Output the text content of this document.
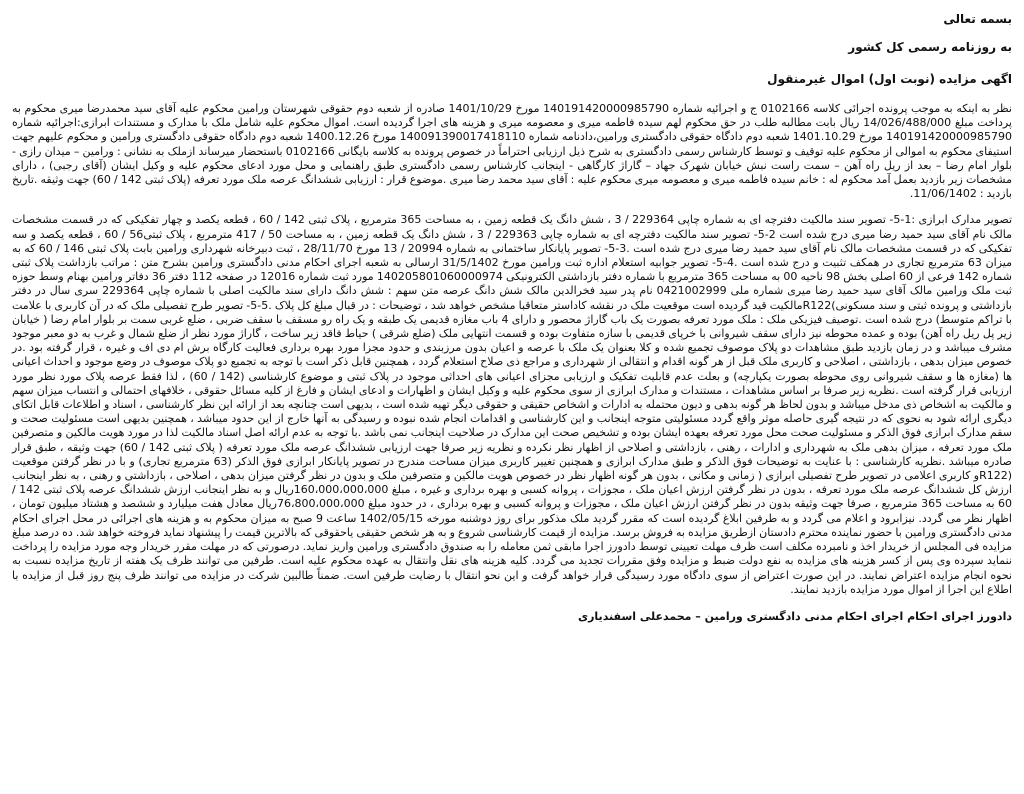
بسمه تعالی
به روزنامه رسمی کل کشور
اگهی مزایده (نوبت اول) اموال غیرمنقول

نظر به اینکه به موجب پرونده اجرائی کلاسه 0102166 ج و اجرائیه شماره 140191420000985790 مورخ 1401/10/29 صادره از شعبه دوم حقوقی شهرستان ورامین محکوم علیه آقای سید محمدرضا میری محکوم به پرداخت مبلغ 14/026/488/000 ریال بابت مطالبه طلب در حق محکوم لهم سیده فاطمه میری و معصومه میری و هزینه های اجرا گردیده است. اموال محکوم علیه شامل ملک با مدارک و مستندات ابرازی:اجرائیه شماره 140191420000985790 مورخ 1401.10.29 شعبه دوم دادگاه حقوقی دادگستری ورامین،دادنامه شماره 140091390017418110 مورخ 1400.12.26 شعبه دوم دادگاه حقوقی دادگستری ورامین و محکوم علیهم جهت استیفای محکوم به اموالی از محکوم علیه توقیف و توسط کارشناس رسمی دادگستری به شرح ذیل ارزیابی احتراماً در خصوص پرونده به کلاسه بایگانی 0102166 باستحضار میرساند ازملک به نشانی : ورامین – میدان رازی - بلوار امام رضا – بعد از ریل راه آهن – سمت راست نبش خیابان شهرک جهاد – گاراژ کارگاهی - اینجانب کارشناس رسمی دادگستری طبق راهنمایی و محل مورد ادعای محکوم علیه و وکیل ایشان (آقای رجبی) ، دارای مشخصات زیر بازدید بعمل آمد محکوم له : خانم سیده فاطمه میری و معصومه میری محکوم علیه : آقای سید محمد رضا میری .موضوع قرار : ارزیابی ششدانگ عرصه ملک مورد تعرفه (پلاک ثبتی 142 / 60) جهت وثیقه .تاریخ بازدید : 11/06/1402.

تصویر مدارک ابرازی :1-5- تصویر سند مالکیت دفترچه ای به شماره چاپی 229364 / 3 ، شش دانگ یک قطعه زمین ، به مساحت 365 مترمربع ، پلاک ثبتی 142 / 60 ، قطعه یکصد و چهار تفکیکی که در قسمت مشخصات مالک نام آقای سید حمید رضا میری درج شده است 2-5- تصویر سند مالکیت دفترچه ای به شماره چاپی 229363 / 3 ، شش دانگ یک قطعه زمین ، به مساحت 50 / 417 مترمربع ، پلاک ثبتی56 / 60 ، قطعه یکصد و سه تفکیکی که در قسمت مشخصات مالک نام آقای سید حمید رضا میری درج شده است .3-5- تصویر پایانکار ساختمانی به شماره 20994 / 13 مورخ 28/11/70 ، ثبت دبیرخانه شهرداری ورامین بابت پلاک ثبتی 146 / 60 که به میزان 63 مترمربع تجاری در همکف تثبیت و درج شده است .4-5- تصویر جوابیه استعلام اداره ثبت ورامین مورخ 31/5/1402 ارسالی به شعبه اجرای احکام مدنی دادگستری ورامین بشرح متن : مراتب بازداشت پلاک ثبتی شماره 142 فرعی از 60 اصلی بخش 98 ناحیه 00 به مساحت 365 مترمربع با شماره دفتر بازداشتی الکترونیکی 140205801060000974 مورد ثبت شماره 12016 در صفحه 112 دفتر 36 دفاتر ورامین بهنام وسط حوزه ثبت ملک ورامین مالک آقای سید حمید رضا میری شماره ملی 0421002999 نام پدر سید فخرالدین مالک شش دانگ عرصه متن سهم : شش دانگ دارای سند مالکیت اصلی با شماره چاپی 229364 سری سال در دفتر بازداشتی و پرونده ثبتی و سند مسکونی)R122مالکیت قید گردیده است موقعیت ملک در نقشه کاداستر متعاقبا مشخص خواهد شد ، توضیحات : در قبال مبلغ کل پلاک .5-5- تصویر طرح تفصیلی ملک که در آن کاربری با علامت با تراکم متوسط) درج شده است .توصیف فیزیکی ملک : ملک مورد تعرفه بصورت یک باب گاراژ محصور و دارای 4 باب مغازه قدیمی یک طبقه و یک راه رو مسقف با سقف ضربی ، ضلع غربی سمت بر بلوار امام رضا ( خیابان زیر پل ریل راه آهن) بوده و عمده محوطه نیز دارای سقف شیروانی با خرپای قدیمی با سازه متفاوت بوده و قسمت انتهایی ملک (ضلع شرقی ) حیاط فاقد زیر ساخت ، گاراژ مورد نظر از ضلع شمال و غرب به دو معبر موجود مشرف میباشد و در زمان بازدید طبق مشاهدات دو پلاک موصوف تجمیع شده و کلا بعنوان یک ملک با عرصه و اعیان بدون مرزبندی و حدود مجزا مورد بهره برداری فعالیت کارگاه برش ام دی اف و غیره ، قرار گرفته بود .در خصوص میزان بدهی ، بازداشتی ، اصلاحی و کاربری ملک قبل از هر گونه اقدام و انتقالی از شهرداری و مراجع ذی صلاح استعلام گردد ، همچنین قابل ذکر است با توجه به تجمیع دو پلاک موصوف در وضع موجود و احداث اعیانی ها (مغازه ها و سقف شیروانی روی محوطه بصورت یکپارچه) و بعلت عدم قابلیت تفکیک و ارزیابی مجزای اعیانی های احداثی موجود در پلاک ثبتی و موضوع کارشناسی (142 / 60) ، لذا فقط عرصه پلاک مورد نظر مورد ارزیابی قرار گرفته است .نظریه زیر صرفا بر اساس مشاهدات ، مستندات و مدارک ابرازی از سوی محکوم علیه و وکیل ایشان و اظهارات و ادعای ایشان و فارغ از کلیه مسائل حقوقی ، خلافهای احتمالی و انتساب میزان سهم و مالکیت به اشخاص ذی مدخل میباشد و بدون لحاظ هر گونه بدهی و دیون محتمله به ادارات و اشخاص حقیقی و حقوقی دیگر تهیه شده است ، بدیهی است چنانچه بعد از ارائه این نظر کارشناسی ، اسناد و اطلاعات قابل اتکای دیگری ارائه شود به نحوی که در نتیجه گیری حاصله موثر واقع گردد مسئولیتی متوجه اینجانب و این کارشناسی و اقدامات انجام شده نبوده و رسیدگی به آنها خارج از این حدود میباشد ، همچنین بدیهی است مسئولیت صحت و سقم مدارک ابرازی فوق الذکر و مسئولیت صحت محل مورد تعرفه بعهده ایشان بوده و تشخیص صحت این مدارک در صلاحیت اینجانب نمی باشد .با توجه به عدم ارائه اصل اسناد مالکیت لذا در مورد هویت مالکین و متصرفین ملک مورد تعرفه ، میزان بدهی ملک به شهرداری و ادارات ، رهنی ، بازداشتی و اصلاحی از اظهار نظر نکرده و نظریه زیر صرفا جهت ارزیابی ششدانگ عرصه ملک مورد تعرفه ( پلاک ثبتی 142 / 60) جهت وثیقه ، طبق قرار صادره میباشد .نظریه کارشناسی : با عنایت به توضیحات فوق الذکر و طبق مدارک ابرازی و همچنین تغییر کاربری میزان مساحت مندرج در تصویر پایانکار ابرازی فوق الذکر (63 مترمربع تجاری) و با در نظر گرفتن موقعیت (R122و کاربری اعلامی در تصویر طرح تفصیلی ابرازی ( زمانی و مکانی ، بدون هر گونه اظهار نظر در خصوص هویت مالکین و متصرفین ملک و بدون در نظر گرفتن میزان بدهی ، اصلاحی ، بازداشتی و رهنی ، به نظر اینجانب ارزش کل ششدانگ عرصه ملک مورد تعرفه ، بدون در نظر گرفتن ارزش اعیان ملک ، مجوزات ، پروانه کسبی و بهره برداری و غیره ، مبلغ 160،000،000،000ریال و به نظر اینجانب ارزش ششدانگ عرصه پلاک ثبتی 142 / 60 به مساحت 365 مترمربع ، صرفا جهت وثیقه بدون در نظر گرفتن ارزش اعیان ملک ، مجوزات و پروانه کسبی و بهره برداری ، در حدود مبلغ 76،800،000،000ریال معادل هفت میلیارد و ششصد و هشتاد میلیون تومان ، اظهار نظر می گردد. نیزابرود و اعلام می گردد و به طرفین ابلاغ گردیده است که مقرر گردید ملک مذکور برای روز دوشنبه مورخه 1402/05/15 ساعت 9 صبح به میزان محکوم به و هزینه های اجرائی در محل اجرای احکام مدنی دادگستری ورامین با حضور نماینده محترم دادستان ازطریق مزایده به فروش برسد. مزایده از قیمت کارشناسی شروع و به هر شخص حقیقی یاحقوقی که بالاترین قیمت را پیشنهاد نماید فروخته خواهد شد. ده درصد مبلغ مزایده فی المجلس از خریدار اخذ و نامبرده مکلف است ظرف مهلت تعیینی توسط دادورز اجرا مابقی ثمن معامله را به صندوق دادگستری ورامین واریز نماید. درصورتی که در مهلت مقرر خریدار وجه مورد مزایده را پرداخت ننماید سپرده وی پس از کسر هزینه های مزایده به نفع دولت ضبط و مزایده وفق مقررات تجدید می گردد. کلیه هزینه های نقل وانتقال به عهده محکوم علیه است. طرفین می توانند ظرف یک هفته از تاریخ مزایده نسبت به نحوه انجام مزایده اعتراض نمایند. در این صورت اعتراض از سوی دادگاه مورد رسیدگی قرار خواهد گرفت و این نحو انتقال با رضایت طرفین است. ضمناً طالبین شرکت در مزایده می توانند ظرف پنج روز قبل از مزایده با اطلاع این اجرا از اموال مورد مزایده بازدید نمایند.

دادورز اجرای احکام اجرای احکام مدنی دادگستری ورامین – محمدعلی اسفندیاری
